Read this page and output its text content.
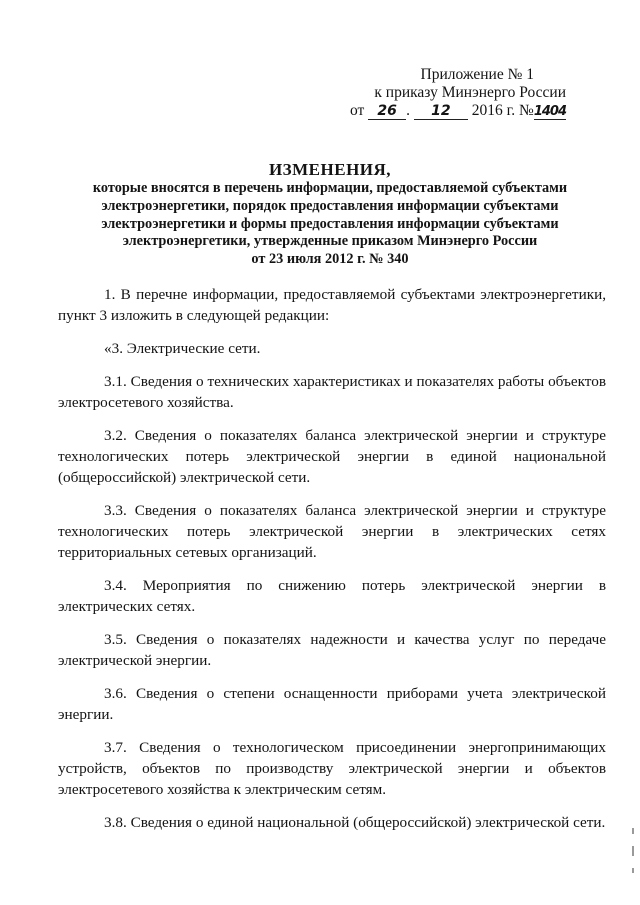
Приложение № 1
к приказу Минэнерго России
от 26 . 12 2016 г. №1404
ИЗМЕНЕНИЯ,
которые вносятся в перечень информации, предоставляемой субъектами
электроэнергетики, порядок предоставления информации субъектами
электроэнергетики и формы предоставления информации субъектами
электроэнергетики, утвержденные приказом Минэнерго России
от 23 июля 2012 г. № 340
1. В перечне информации, предоставляемой субъектами электроэнергетики,
пункт 3 изложить в следующей редакции:
«3. Электрические сети.
3.1. Сведения о технических характеристиках и показателях работы объектов
электросетевого хозяйства.
3.2. Сведения о показателях баланса электрической энергии и структуре
технологических потерь электрической энергии в единой национальной
(общероссийской) электрической сети.
3.3. Сведения о показателях баланса электрической энергии и структуре
технологических потерь электрической энергии в электрических сетях
территориальных сетевых организаций.
3.4. Мероприятия по снижению потерь электрической энергии в
электрических сетях.
3.5. Сведения о показателях надежности и качества услуг по передаче
электрической энергии.
3.6. Сведения о степени оснащенности приборами учета электрической
энергии.
3.7. Сведения о технологическом присоединении энергопринимающих
устройств, объектов по производству электрической энергии и объектов
электросетевого хозяйства к электрическим сетям.
3.8. Сведения о единой национальной (общероссийской) электрической сети.
